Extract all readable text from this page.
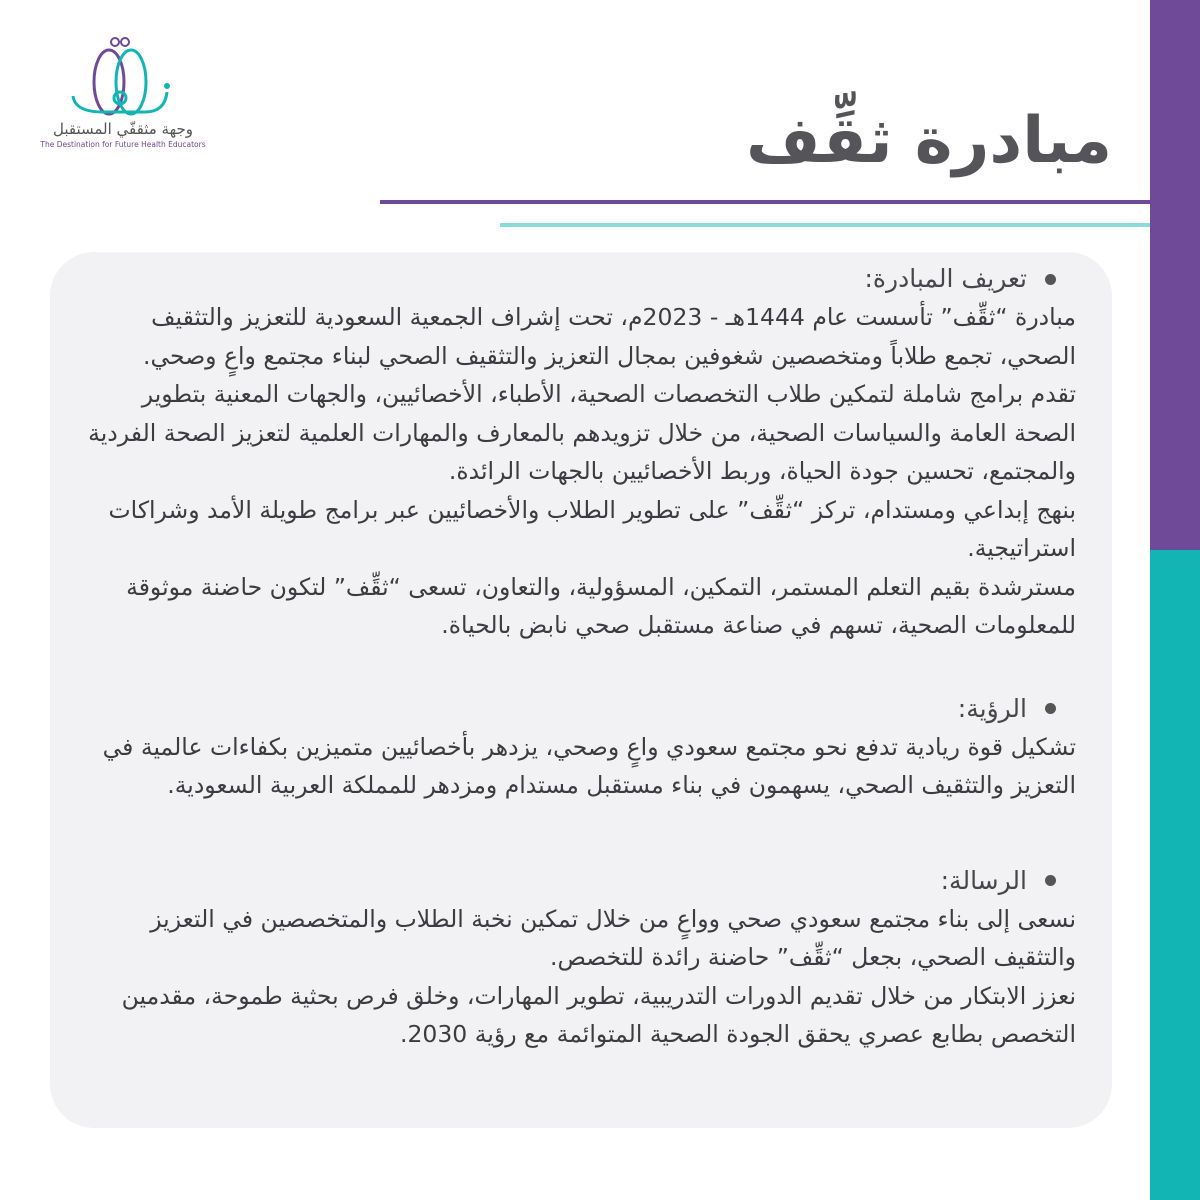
وجهة مثقفّي المستقبل
The Destination for Future Health Educators	مبادرة ثقِّف
تعريف المبادرة:

مبادرة “ثقِّف” تأسست عام 1444هـ - 2023م، تحت إشراف الجمعية السعودية للتعزيز والتثقيف الصحي، تجمع طلاباً ومتخصصين شغوفين بمجال التعزيز والتثقيف الصحي لبناء مجتمع واعٍ وصحي.

تقدم برامج شاملة لتمكين طلاب التخصصات الصحية، الأطباء، الأخصائيين، والجهات المعنية بتطوير الصحة العامة والسياسات الصحية، من خلال تزويدهم بالمعارف والمهارات العلمية لتعزيز الصحة الفردية والمجتمع، تحسين جودة الحياة، وربط الأخصائيين بالجهات الرائدة.

بنهج إبداعي ومستدام، تركز “ثقِّف” على تطوير الطلاب والأخصائيين عبر برامج طويلة الأمد وشراكات استراتيجية.

مسترشدة بقيم التعلم المستمر، التمكين، المسؤولية، والتعاون، تسعى “ثقِّف” لتكون حاضنة موثوقة للمعلومات الصحية، تسهم في صناعة مستقبل صحي نابض بالحياة.

الرؤية:

تشكيل قوة ريادية تدفع نحو مجتمع سعودي واعٍ وصحي، يزدهر بأخصائيين متميزين بكفاءات عالمية في التعزيز والتثقيف الصحي، يسهمون في بناء مستقبل مستدام ومزدهر للمملكة العربية السعودية.

الرسالة:

نسعى إلى بناء مجتمع سعودي صحي وواعٍ من خلال تمكين نخبة الطلاب والمتخصصين في التعزيز والتثقيف الصحي، بجعل “ثقِّف” حاضنة رائدة للتخصص.

نعزز الابتكار من خلال تقديم الدورات التدريبية، تطوير المهارات، وخلق فرص بحثية طموحة، مقدمين التخصص بطابع عصري يحقق الجودة الصحية المتوائمة مع رؤية 2030.
